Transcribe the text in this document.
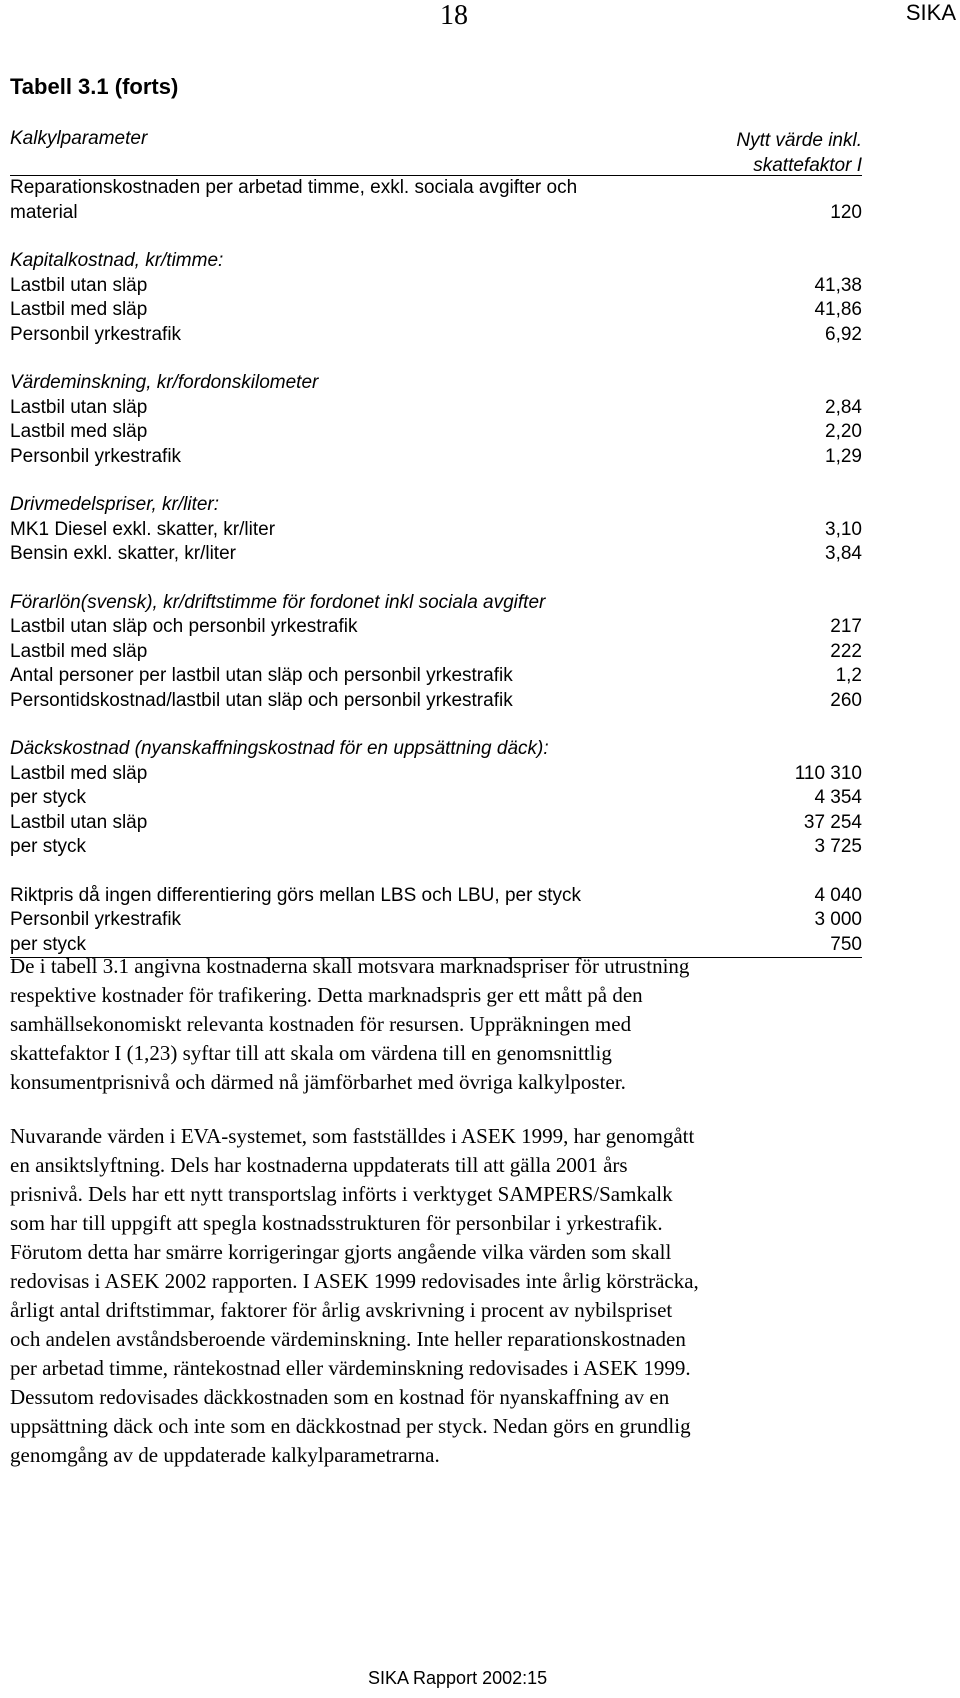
18	SIKA
Tabell 3.1 (forts)
Kalkylparameter	Nytt värde inkl.
skattefaktor I
Reparationskostnaden per arbetad timme, exkl. sociala avgifter och
material	120
Kapitalkostnad, kr/timme:
Lastbil utan släp	41,38
Lastbil med släp	41,86
Personbil yrkestrafik	6,92
Värdeminskning, kr/fordonskilometer
Lastbil utan släp	2,84
Lastbil med släp	2,20
Personbil yrkestrafik	1,29
Drivmedelspriser, kr/liter:
MK1 Diesel exkl. skatter, kr/liter	3,10
Bensin exkl. skatter, kr/liter	3,84
Förarlön(svensk), kr/driftstimme för fordonet inkl sociala avgifter
Lastbil utan släp och personbil yrkestrafik	217
Lastbil med släp	222
Antal personer per lastbil utan släp och personbil yrkestrafik	1,2
Persontidskostnad/lastbil utan släp och personbil yrkestrafik	260
Däckskostnad (nyanskaffningskostnad för en uppsättning däck):
Lastbil med släp	110 310
per styck	4 354
Lastbil utan släp	37 254
per styck	3 725
Riktpris då ingen differentiering görs mellan LBS och LBU, per styck	4 040
Personbil yrkestrafik	3 000
per styck	750
De i tabell 3.1 angivna kostnaderna skall motsvara marknadspriser för utrustning
respektive kostnader för trafikering. Detta marknadspris ger ett mått på den
samhällsekonomiskt relevanta kostnaden för resursen. Uppräkningen med
skattefaktor I (1,23) syftar till att skala om värdena till en genomsnittlig
konsumentprisnivå och därmed nå jämförbarhet med övriga kalkylposter.
Nuvarande värden i EVA-systemet, som fastställdes i ASEK 1999, har genomgått
en ansiktslyftning. Dels har kostnaderna uppdaterats till att gälla 2001 års
prisnivå. Dels har ett nytt transportslag införts i verktyget SAMPERS/Samkalk
som har till uppgift att spegla kostnadsstrukturen för personbilar i yrkestrafik.
Förutom detta har smärre korrigeringar gjorts angående vilka värden som skall
redovisas i ASEK 2002 rapporten. I ASEK 1999 redovisades inte årlig körsträcka,
årligt antal driftstimmar, faktorer för årlig avskrivning i procent av nybilspriset
och andelen avståndsberoende värdeminskning. Inte heller reparationskostnaden
per arbetad timme, räntekostnad eller värdeminskning redovisades i ASEK 1999.
Dessutom redovisades däckkostnaden som en kostnad för nyanskaffning av en
uppsättning däck och inte som en däckkostnad per styck. Nedan görs en grundlig
genomgång av de uppdaterade kalkylparametrarna.
SIKA Rapport 2002:15
